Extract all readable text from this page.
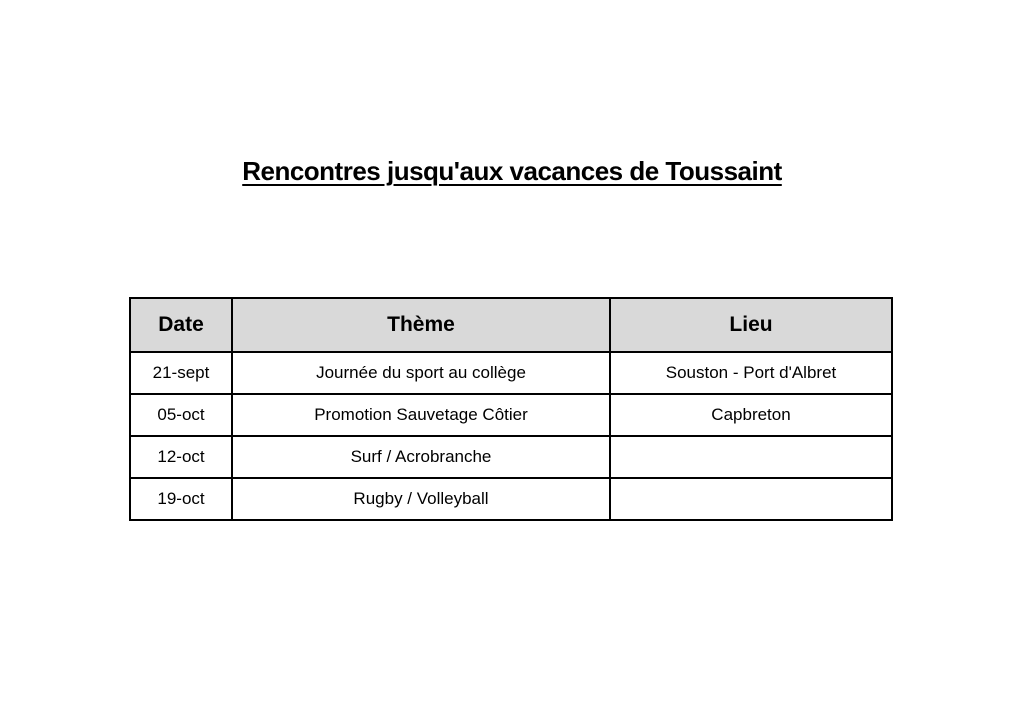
Rencontres jusqu'aux vacances de Toussaint
Date	Thème	Lieu
21-sept	Journée du sport au collège	Souston - Port d'Albret
05-oct	Promotion Sauvetage Côtier	Capbreton
12-oct	Surf / Acrobranche	
19-oct	Rugby / Volleyball	
